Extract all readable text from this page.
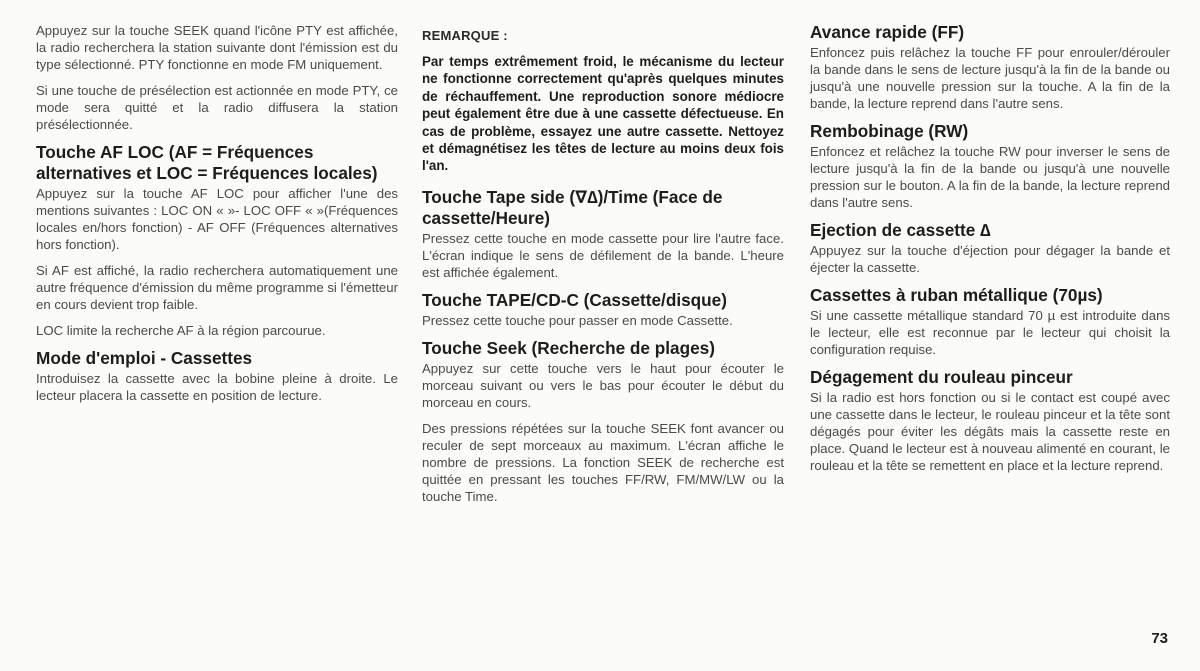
Appuyez sur la touche SEEK quand l'icône PTY est affichée, la radio recherchera la station suivante dont l'émission est du type sélectionné. PTY fonctionne en mode FM uniquement.

Si une touche de présélection est actionnée en mode PTY, ce mode sera quitté et la radio diffusera la station présélectionnée.

Touche AF LOC (AF = Fréquences alternatives et LOC = Fréquences locales)

Appuyez sur la touche AF LOC pour afficher l'une des mentions suivantes : LOC ON « »- LOC OFF « »(Fréquences locales en/hors fonction) - AF OFF (Fréquences alternatives hors fonction).

Si AF est affiché, la radio recherchera automatiquement une autre fréquence d'émission du même programme si l'émetteur en cours devient trop faible.

LOC limite la recherche AF à la région parcourue.

Mode d'emploi - Cassettes

Introduisez la cassette avec la bobine pleine à droite. Le lecteur placera la cassette en position de lecture.

REMARQUE :

Par temps extrêmement froid, le mécanisme du lecteur ne fonctionne correctement qu'après quelques minutes de réchauffement. Une reproduction sonore médiocre peut également être due à une cassette défectueuse. En cas de problème, essayez une autre cassette. Nettoyez et démagnétisez les têtes de lecture au moins deux fois l'an.

Touche Tape side (∇∆)/Time (Face de cassette/Heure)

Pressez cette touche en mode cassette pour lire l'autre face. L'écran indique le sens de défilement de la bande. L'heure est affichée également.

Touche TAPE/CD-C (Cassette/disque)

Pressez cette touche pour passer en mode Cassette.

Touche Seek (Recherche de plages)

Appuyez sur cette touche vers le haut pour écouter le morceau suivant ou vers le bas pour écouter le début du morceau en cours.

Des pressions répétées sur la touche SEEK font avancer ou reculer de sept morceaux au maximum. L'écran affiche le nombre de pressions. La fonction SEEK de recherche est quittée en pressant les touches FF/RW, FM/MW/LW ou la touche Time.

Avance rapide (FF)

Enfoncez puis relâchez la touche FF pour enrouler/dérouler la bande dans le sens de lecture jusqu'à la fin de la bande ou jusqu'à une nouvelle pression sur la touche. A la fin de la bande, la lecture reprend dans l'autre sens.

Rembobinage (RW)

Enfoncez et relâchez la touche RW pour inverser le sens de lecture jusqu'à la fin de la bande ou jusqu'à une nouvelle pression sur le bouton. A la fin de la bande, la lecture reprend dans l'autre sens.

Ejection de cassette ∆

Appuyez sur la touche d'éjection pour dégager la bande et éjecter la cassette.

Cassettes à ruban métallique (70µs)

Si une cassette métallique standard 70 µ est introduite dans le lecteur, elle est reconnue par le lecteur qui choisit la configuration requise.

Dégagement du rouleau pinceur

Si la radio est hors fonction ou si le contact est coupé avec une cassette dans le lecteur, le rouleau pinceur et la tête sont dégagés pour éviter les dégâts mais la cassette reste en place. Quand le lecteur est à nouveau alimenté en courant, le rouleau et la tête se remettent en place et la lecture reprend.

73
